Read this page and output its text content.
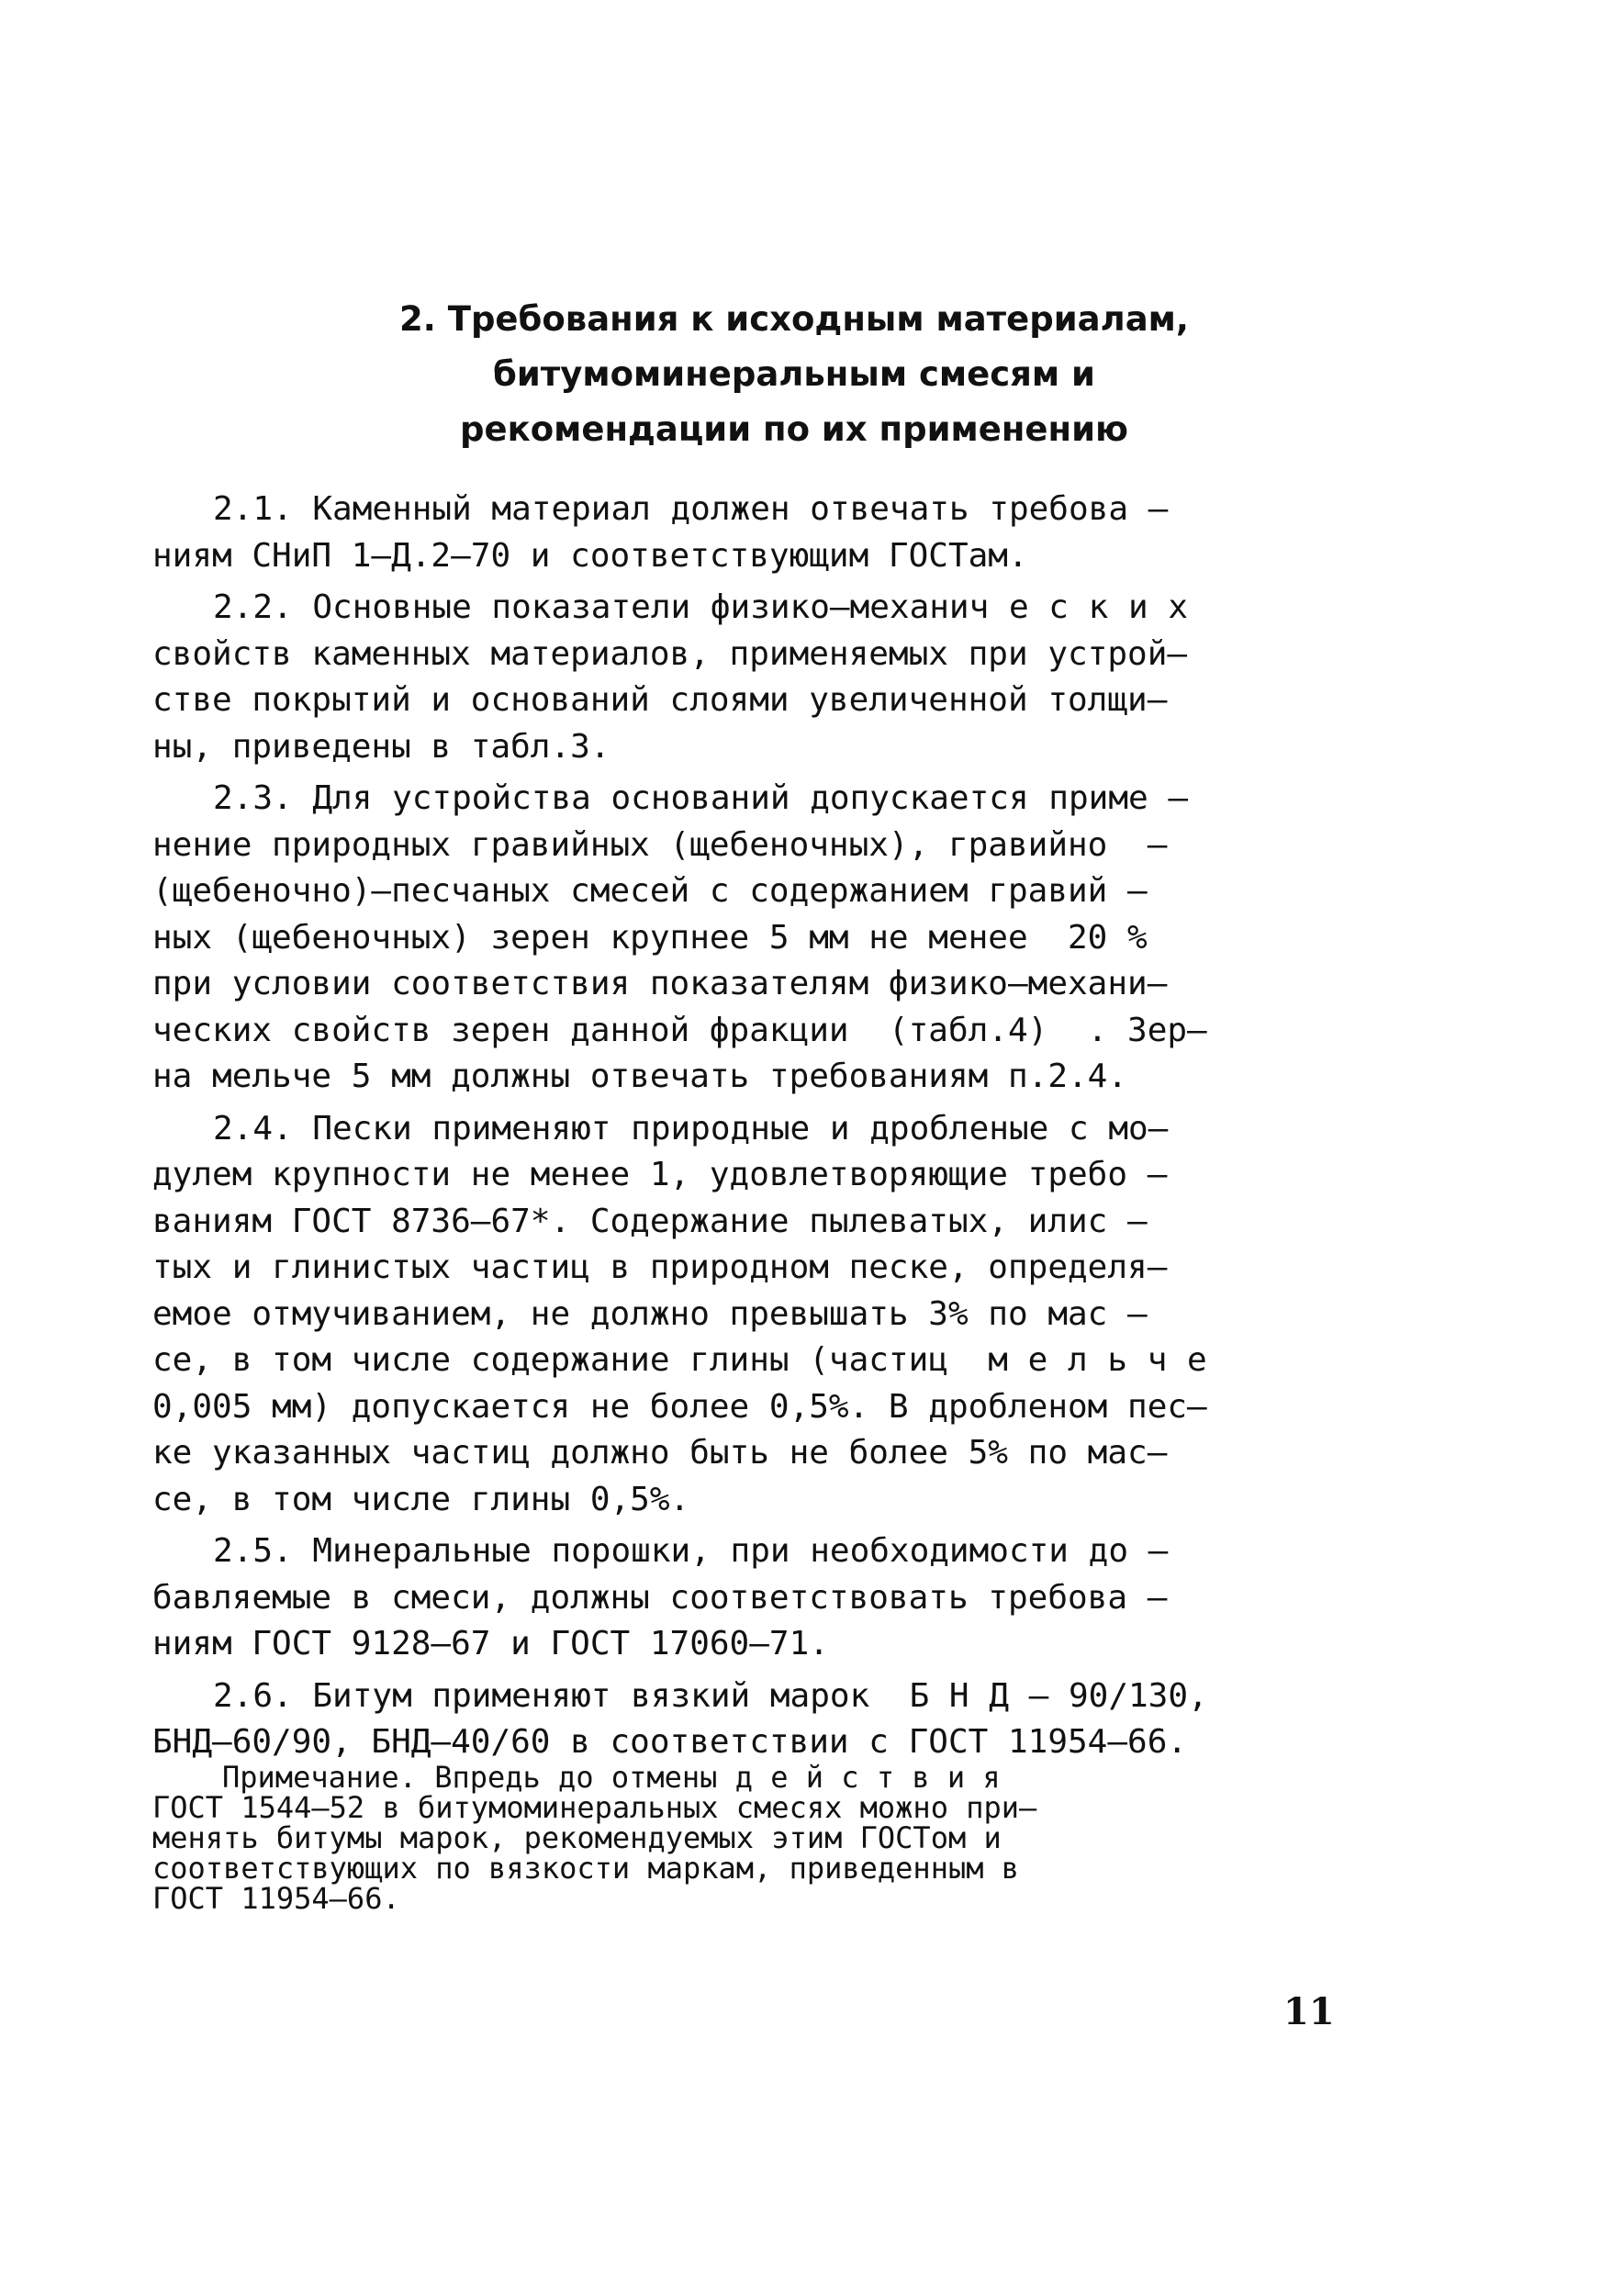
2. Требования к исходным материалам,
битумоминеральным смесям и
рекомендации по их применению
2.1. Каменный материал должен отвечать требова –
ниям СНиП 1–Д.2–70 и соответствующим ГОСТам.
2.2. Основные показатели физико–механич е с к и х
свойств каменных материалов, применяемых при устрой–
стве покрытий и оснований слоями увеличенной толщи–
ны, приведены в табл.3.
2.3. Для устройства оснований допускается приме –
нение природных гравийных (щебеночных), гравийно  –
(щебеночно)–песчаных смесей с содержанием гравий –
ных (щебеночных) зерен крупнее 5 мм не менее  20 %
при условии соответствия показателям физико–механи–
ческих свойств зерен данной фракции  (табл.4)  . Зер–
на мельче 5 мм должны отвечать требованиям п.2.4.
2.4. Пески применяют природные и дробленые с мо–
дулем крупности не менее 1, удовлетворяющие требо –
ваниям ГОСТ 8736–67*. Содержание пылеватых, илис –
тых и глинистых частиц в природном песке, определя–
емое отмучиванием, не должно превышать 3% по мас –
се, в том числе содержание глины (частиц  м е л ь ч е
0,005 мм) допускается не более 0,5%. В дробленом пес–
ке указанных частиц должно быть не более 5% по мас–
се, в том числе глины 0,5%.
2.5. Минеральные порошки, при необходимости до –
бавляемые в смеси, должны соответствовать требова –
ниям ГОСТ 9128–67 и ГОСТ 17060–71.
2.6. Битум применяют вязкий марок  Б Н Д – 90/130,
БНД–60/90, БНД–40/60 в соответствии с ГОСТ 11954–66.
Примечание. Впредь до отмены д е й с т в и я
ГОСТ 1544–52 в битумоминеральных смесях можно при–
менять битумы марок, рекомендуемых этим ГОСТом и
соответствующих по вязкости маркам, приведенным в
ГОСТ 11954–66.
11
